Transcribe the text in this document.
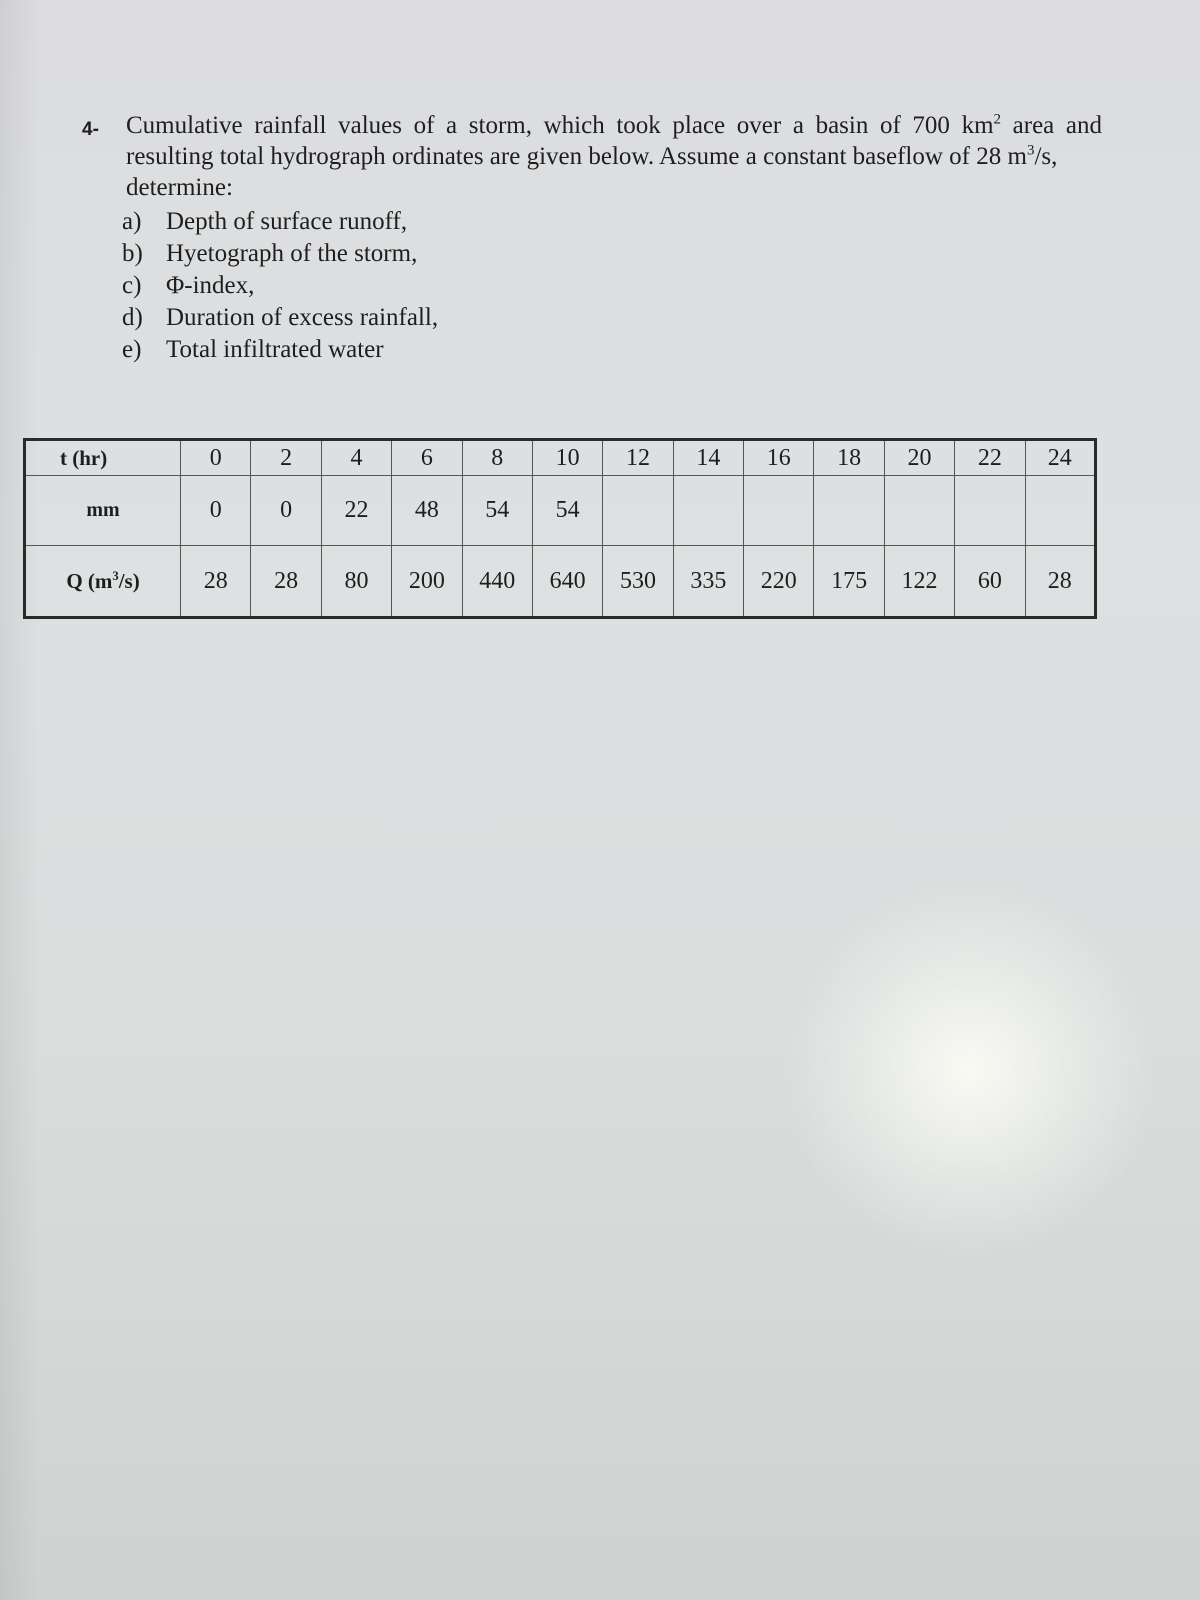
4- Cumulative rainfall values of a storm, which took place over a basin of 700 $km^2$ area and resulting total hydrograph ordinates are given below. Assume a constant baseflow of 28 $m^3/s$,
determine:
a) Depth of surface runoff,
b) Hyetograph of the storm,
c) Φ-index,
d) Duration of excess rainfall,
e) Total infiltrated water
t (hr)	0	2	4	6	8	10	12	14	16	18	20	22	24
mm	0	0	22	48	54	54							
Q $(m^3/s)$	28	28	80	200	440	640	530	335	220	175	122	60	28
